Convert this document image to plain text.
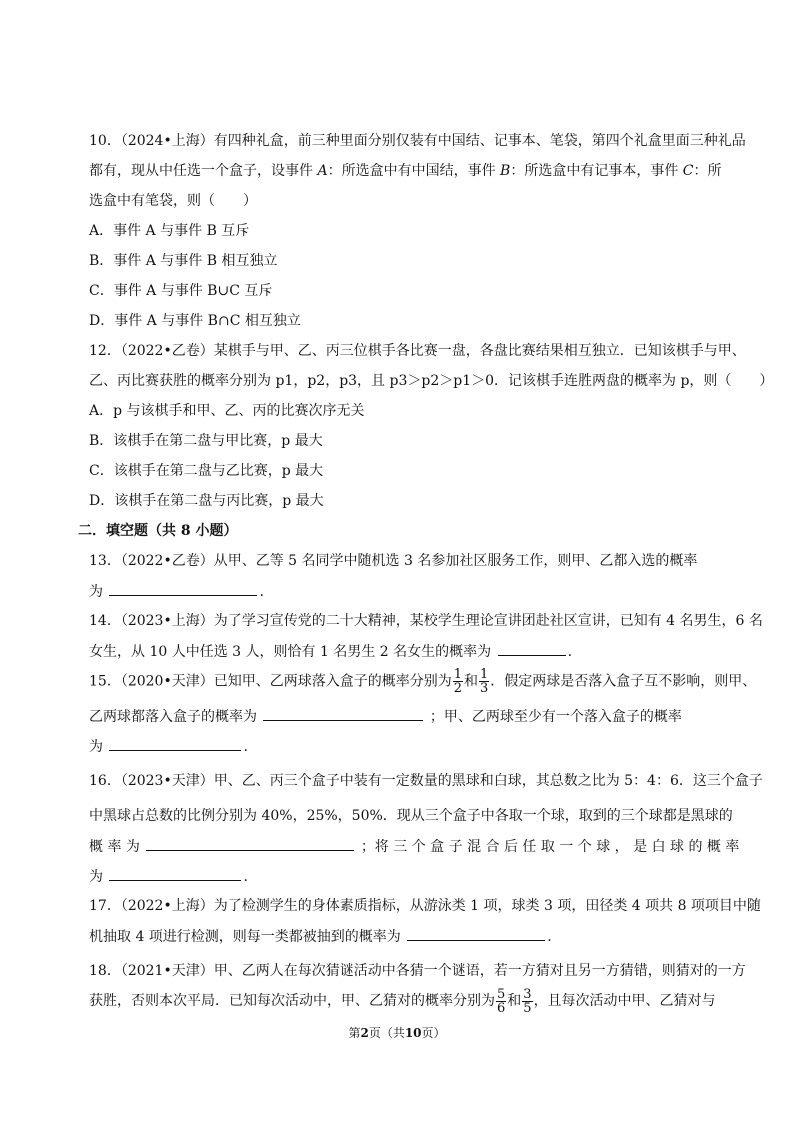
10．（2024•上海）有四种礼盒，前三种里面分别仅装有中国结、记事本、笔袋，第四个礼盒里面三种礼品
都有，现从中任选一个盒子，设事件 A：所选盒中有中国结，事件 B：所选盒中有记事本，事件 C：所
选盒中有笔袋，则（　　）
A．事件 A 与事件 B 互斥
B．事件 A 与事件 B 相互独立
C．事件 A 与事件 B∪C 互斥
D．事件 A 与事件 B∩C 相互独立
12．（2022•乙卷）某棋手与甲、乙、丙三位棋手各比赛一盘，各盘比赛结果相互独立．已知该棋手与甲、
乙、丙比赛获胜的概率分别为 p1，p2，p3，且 p3＞p2＞p1＞0．记该棋手连胜两盘的概率为 p，则（　　）
A．p 与该棋手和甲、乙、丙的比赛次序无关
B．该棋手在第二盘与甲比赛，p 最大
C．该棋手在第二盘与乙比赛，p 最大
D．该棋手在第二盘与丙比赛，p 最大
二．填空题（共 8 小题）
13．（2022•乙卷）从甲、乙等 5 名同学中随机选 3 名参加社区服务工作，则甲、乙都入选的概率
为	.
14．（2023•上海）为了学习宣传党的二十大精神，某校学生理论宣讲团赴社区宣讲，已知有 4 名男生，6 名
女生，从 10 人中任选 3 人，则恰有 1 名男生 2 名女生的概率为	.
15．（2020•天津）已知甲、乙两球落入盒子的概率分别为 $\frac{1}{2}$ 和 $\frac{1}{3}$ ．假定两球是否落入盒子互不影响，则甲、
乙两球都落入盒子的概率为	；甲、乙两球至少有一个落入盒子的概率
为	.
16．（2023•天津）甲、乙、丙三个盒子中装有一定数量的黑球和白球，其总数之比为 5：4：6．这三个盒子
中黑球占总数的比例分别为 40%，25%，50%．现从三个盒子中各取一个球，取到的三个球都是黑球的
概 率 为	；将 三 个 盒 子 混 合 后 任 取 一 个 球 ， 是 白 球 的 概 率
为	.
17．（2022•上海）为了检测学生的身体素质指标，从游泳类 1 项，球类 3 项，田径类 4 项共 8 项项目中随
机抽取 4 项进行检测，则每一类都被抽到的概率为	.
18．（2021•天津）甲、乙两人在每次猜谜活动中各猜一个谜语，若一方猜对且另一方猜错，则猜对的一方
获胜，否则本次平局．已知每次活动中，甲、乙猜对的概率分别为 $\frac{5}{6}$ 和 $\frac{3}{5}$ ，且每次活动中甲、乙猜对与
第2页（共10页）
